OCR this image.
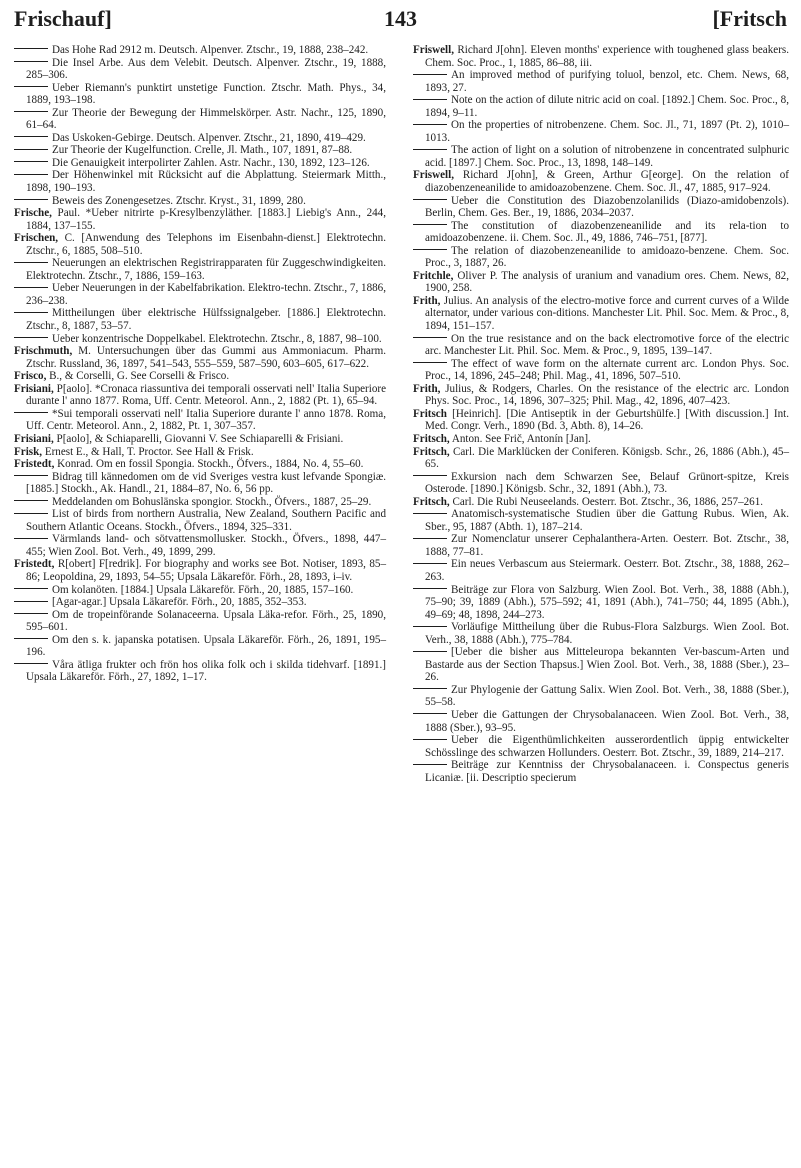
Frischauf]	143	[Fritsch

Das Hohe Rad 2912 m. Deutsch. Alpenver. Ztschr., 19, 1888, 238–242.

Die Insel Arbe. Aus dem Velebit. Deutsch. Alpenver. Ztschr., 19, 1888, 285–306.

Ueber Riemann's punktirt unstetige Function. Ztschr. Math. Phys., 34, 1889, 193–198.

Zur Theorie der Bewegung der Himmelskörper. Astr. Nachr., 125, 1890, 61–64.

Das Uskoken-Gebirge. Deutsch. Alpenver. Ztschr., 21, 1890, 419–429.

Zur Theorie der Kugelfunction. Crelle, Jl. Math., 107, 1891, 87–88.

Die Genauigkeit interpolirter Zahlen. Astr. Nachr., 130, 1892, 123–126.

Der Höhenwinkel mit Rücksicht auf die Abplattung. Steiermark Mitth., 1898, 190–193.

Beweis des Zonengesetzes. Ztschr. Kryst., 31, 1899, 280.

Frische, Paul. *Ueber nitrirte p-Kresylbenzyläther. [1883.] Liebig's Ann., 244, 1884, 137–155.

Frischen, C. [Anwendung des Telephons im Eisenbahn-dienst.] Elektrotechn. Ztschr., 6, 1885, 508–510.

Neuerungen an elektrischen Registrirapparaten für Zuggeschwindigkeiten. Elektrotechn. Ztschr., 7, 1886, 159–163.

Ueber Neuerungen in der Kabelfabrikation. Elektro-techn. Ztschr., 7, 1886, 236–238.

Mittheilungen über elektrische Hülfssignalgeber. [1886.] Elektrotechn. Ztschr., 8, 1887, 53–57.

Ueber konzentrische Doppelkabel. Elektrotechn. Ztschr., 8, 1887, 98–100.

Frischmuth, M. Untersuchungen über das Gummi aus Ammoniacum. Pharm. Ztschr. Russland, 36, 1897, 541–543, 555–559, 587–590, 603–605, 617–622.

Frisco, B., & Corselli, G. See Corselli & Frisco.

Frisiani, P[aolo]. *Cronaca riassuntiva dei temporali osservati nell' Italia Superiore durante l' anno 1877. Roma, Uff. Centr. Meteorol. Ann., 2, 1882 (Pt. 1), 65–94.

*Sui temporali osservati nell' Italia Superiore durante l' anno 1878. Roma, Uff. Centr. Meteorol. Ann., 2, 1882, Pt. 1, 307–357.

Frisiani, P[aolo], & Schiaparelli, Giovanni V. See Schiaparelli & Frisiani.

Frisk, Ernest E., & Hall, T. Proctor. See Hall & Frisk.

Fristedt, Konrad. Om en fossil Spongia. Stockh., Öfvers., 1884, No. 4, 55–60.

Bidrag till kännedomen om de vid Sveriges vestra kust lefvande Spongiæ. [1885.] Stockh., Ak. Handl., 21, 1884–87, No. 6, 56 pp.

Meddelanden om Bohuslänska spongior. Stockh., Öfvers., 1887, 25–29.

List of birds from northern Australia, New Zealand, Southern Pacific and Southern Atlantic Oceans. Stockh., Öfvers., 1894, 325–331.

Värmlands land- och sötvattensmollusker. Stockh., Öfvers., 1898, 447–455; Wien Zool. Bot. Verh., 49, 1899, 299.

Fristedt, R[obert] F[redrik]. For biography and works see Bot. Notiser, 1893, 85–86; Leopoldina, 29, 1893, 54–55; Upsala Läkareför. Förh., 28, 1893, i–iv.

Om kolanöten. [1884.] Upsala Läkareför. Förh., 20, 1885, 157–160.

[Agar-agar.] Upsala Läkareför. Förh., 20, 1885, 352–353.

Om de tropeinförande Solanaceerna. Upsala Läka-refor. Förh., 25, 1890, 595–601.

Om den s. k. japanska potatisen. Upsala Läkareför. Förh., 26, 1891, 195–196.

Våra ätliga frukter och frön hos olika folk och i skilda tidehvarf. [1891.] Upsala Läkareför. Förh., 27, 1892, 1–17.

Friswell, Richard J[ohn]. Eleven months' experience with toughened glass beakers. Chem. Soc. Proc., 1, 1885, 86–88, iii.

An improved method of purifying toluol, benzol, etc. Chem. News, 68, 1893, 27.

Note on the action of dilute nitric acid on coal. [1892.] Chem. Soc. Proc., 8, 1894, 9–11.

On the properties of nitrobenzene. Chem. Soc. Jl., 71, 1897 (Pt. 2), 1010–1013.

The action of light on a solution of nitrobenzene in concentrated sulphuric acid. [1897.] Chem. Soc. Proc., 13, 1898, 148–149.

Friswell, Richard J[ohn], & Green, Arthur G[eorge]. On the relation of diazobenzeneanilide to amidoazobenzene. Chem. Soc. Jl., 47, 1885, 917–924.

Ueber die Constitution des Diazobenzolanilids (Diazo-amidobenzols). Berlin, Chem. Ges. Ber., 19, 1886, 2034–2037.

The constitution of diazobenzeneanilide and its rela-tion to amidoazobenzene. ii. Chem. Soc. Jl., 49, 1886, 746–751, [877].

The relation of diazobenzeneanilide to amidoazo-benzene. Chem. Soc. Proc., 3, 1887, 26.

Fritchle, Oliver P. The analysis of uranium and vanadium ores. Chem. News, 82, 1900, 258.

Frith, Julius. An analysis of the electro-motive force and current curves of a Wilde alternator, under various con-ditions. Manchester Lit. Phil. Soc. Mem. & Proc., 8, 1894, 151–157.

On the true resistance and on the back electromotive force of the electric arc. Manchester Lit. Phil. Soc. Mem. & Proc., 9, 1895, 139–147.

The effect of wave form on the alternate current arc. London Phys. Soc. Proc., 14, 1896, 245–248; Phil. Mag., 41, 1896, 507–510.

Frith, Julius, & Rodgers, Charles. On the resistance of the electric arc. London Phys. Soc. Proc., 14, 1896, 307–325; Phil. Mag., 42, 1896, 407–423.

Fritsch [Heinrich]. [Die Antiseptik in der Geburtshülfe.] [With discussion.] Int. Med. Congr. Verh., 1890 (Bd. 3, Abth. 8), 14–26.

Fritsch, Anton. See Frič, Antonín [Jan].

Fritsch, Carl. Die Marklücken der Coniferen. Königsb. Schr., 26, 1886 (Abh.), 45–65.

Exkursion nach dem Schwarzen See, Belauf Grünort-spitze, Kreis Osterode. [1890.] Königsb. Schr., 32, 1891 (Abh.), 73.

Fritsch, Carl. Die Rubi Neuseelands. Oesterr. Bot. Ztschr., 36, 1886, 257–261.

Anatomisch-systematische Studien über die Gattung Rubus. Wien, Ak. Sber., 95, 1887 (Abth. 1), 187–214.

Zur Nomenclatur unserer Cephalanthera-Arten. Oesterr. Bot. Ztschr., 38, 1888, 77–81.

Ein neues Verbascum aus Steiermark. Oesterr. Bot. Ztschr., 38, 1888, 262–263.

Beiträge zur Flora von Salzburg. Wien Zool. Bot. Verh., 38, 1888 (Abh.), 75–90; 39, 1889 (Abh.), 575–592; 41, 1891 (Abh.), 741–750; 44, 1895 (Abh.), 49–69; 48, 1898, 244–273.

Vorläufige Mittheilung über die Rubus-Flora Salzburgs. Wien Zool. Bot. Verh., 38, 1888 (Abh.), 775–784.

[Ueber die bisher aus Mitteleuropa bekannten Ver-bascum-Arten und Bastarde aus der Section Thapsus.] Wien Zool. Bot. Verh., 38, 1888 (Sber.), 23–26.

Zur Phylogenie der Gattung Salix. Wien Zool. Bot. Verh., 38, 1888 (Sber.), 55–58.

Ueber die Gattungen der Chrysobalanaceen. Wien Zool. Bot. Verh., 38, 1888 (Sber.), 93–95.

Ueber die Eigenthümlichkeiten ausserordentlich üppig entwickelter Schösslinge des schwarzen Hollunders. Oesterr. Bot. Ztschr., 39, 1889, 214–217.

Beiträge zur Kenntniss der Chrysobalanaceen. i. Conspectus generis Licaniæ. [ii. Descriptio specierum
